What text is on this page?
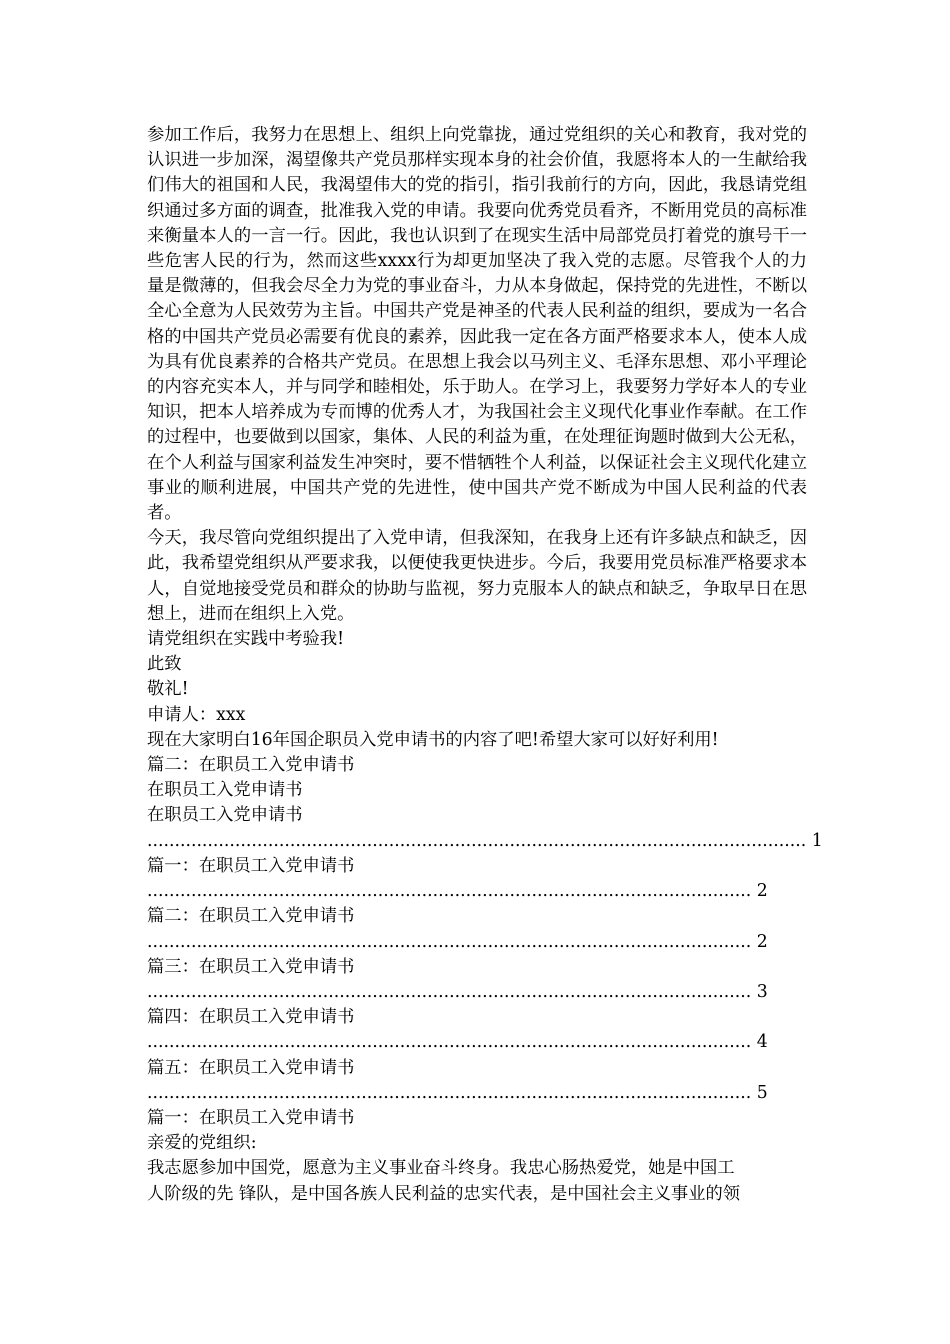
参加工作后，我努力在思想上、组织上向党靠拢，通过党组织的关心和教育，我对党的认识进一步加深，渴望像共产党员那样实现本身的社会价值，我愿将本人的一生献给我们伟大的祖国和人民，我渴望伟大的党的指引，指引我前行的方向，因此，我恳请党组织通过多方面的调查，批准我入党的申请。我要向优秀党员看齐，不断用党员的高标准来衡量本人的一言一行。因此，我也认识到了在现实生活中局部党员打着党的旗号干一些危害人民的行为，然而这些xxxx行为却更加坚决了我入党的志愿。尽管我个人的力量是微薄的，但我会尽全力为党的事业奋斗，力从本身做起，保持党的先进性，不断以全心全意为人民效劳为主旨。中国共产党是神圣的代表人民利益的组织，要成为一名合格的中国共产党员必需要有优良的素养，因此我一定在各方面严格要求本人，使本人成为具有优良素养的合格共产党员。在思想上我会以马列主义、毛泽东思想、邓小平理论的内容充实本人，并与同学和睦相处，乐于助人。在学习上，我要努力学好本人的专业知识，把本人培养成为专而博的优秀人才，为我国社会主义现代化事业作奉献。在工作的过程中，也要做到以国家，集体、人民的利益为重，在处理征询题时做到大公无私，在个人利益与国家利益发生冲突时，要不惜牺牲个人利益，以保证社会主义现代化建立事业的顺利进展，中国共产党的先进性，使中国共产党不断成为中国人民利益的代表者。

今天，我尽管向党组织提出了入党申请，但我深知，在我身上还有许多缺点和缺乏，因此，我希望党组织从严要求我，以便使我更快进步。今后，我要用党员标准严格要求本人，自觉地接受党员和群众的协助与监视，努力克服本人的缺点和缺乏，争取早日在思想上，进而在组织上入党。

请党组织在实践中考验我!
此致
敬礼!
申请人：xxx
现在大家明白16年国企职员入党申请书的内容了吧!希望大家可以好好利用!
篇二：在职员工入党申请书
在职员工入党申请书
在职员工入党申请书
........................................................................................................................ 1
篇一：在职员工入党申请书
.............................................................................................................. 2
篇二：在职员工入党申请书
.............................................................................................................. 2
篇三：在职员工入党申请书
.............................................................................................................. 3
篇四：在职员工入党申请书
.............................................................................................................. 4
篇五：在职员工入党申请书
.............................................................................................................. 5
篇一：在职员工入党申请书
亲爱的党组织:
我志愿参加中国党，愿意为主义事业奋斗终身。我忠心肠热爱党，她是中国工
人阶级的先 锋队，是中国各族人民利益的忠实代表，是中国社会主义事业的领
